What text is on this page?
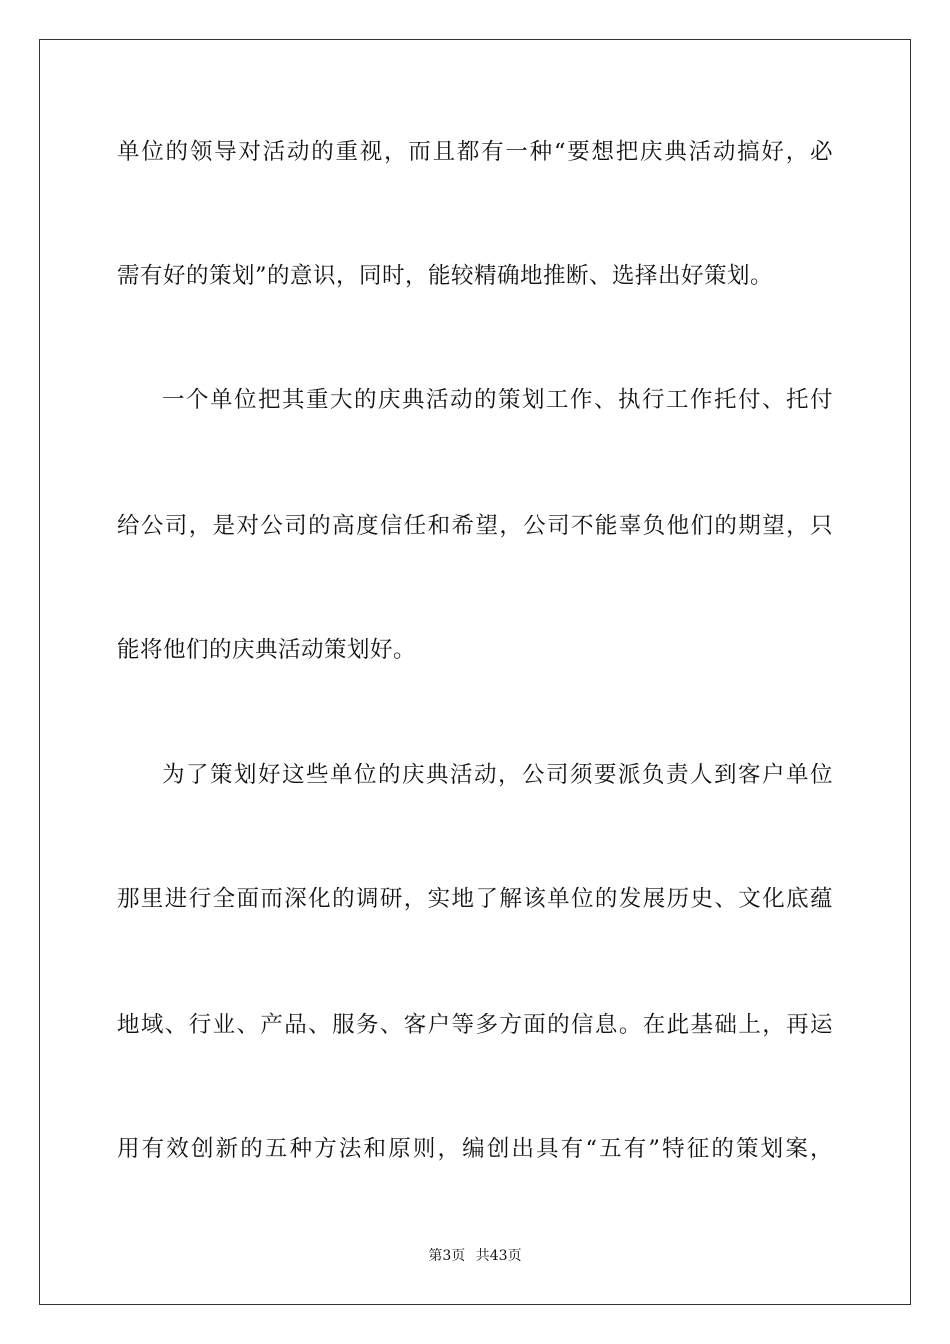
单位的领导对活动的重视，而且都有一种“要想把庆典活动搞好，必
需有好的策划”的意识，同时，能较精确地推断、选择出好策划。
一个单位把其重大的庆典活动的策划工作、执行工作托付、托付
给公司，是对公司的高度信任和希望，公司不能辜负他们的期望，只
能将他们的庆典活动策划好。
为了策划好这些单位的庆典活动，公司须要派负责人到客户单位
那里进行全面而深化的调研，实地了解该单位的发展历史、文化底蕴
地域、行业、产品、服务、客户等多方面的信息。在此基础上，再运
用有效创新的五种方法和原则，编创出具有“五有”特征的策划案，
第3页 共43页
